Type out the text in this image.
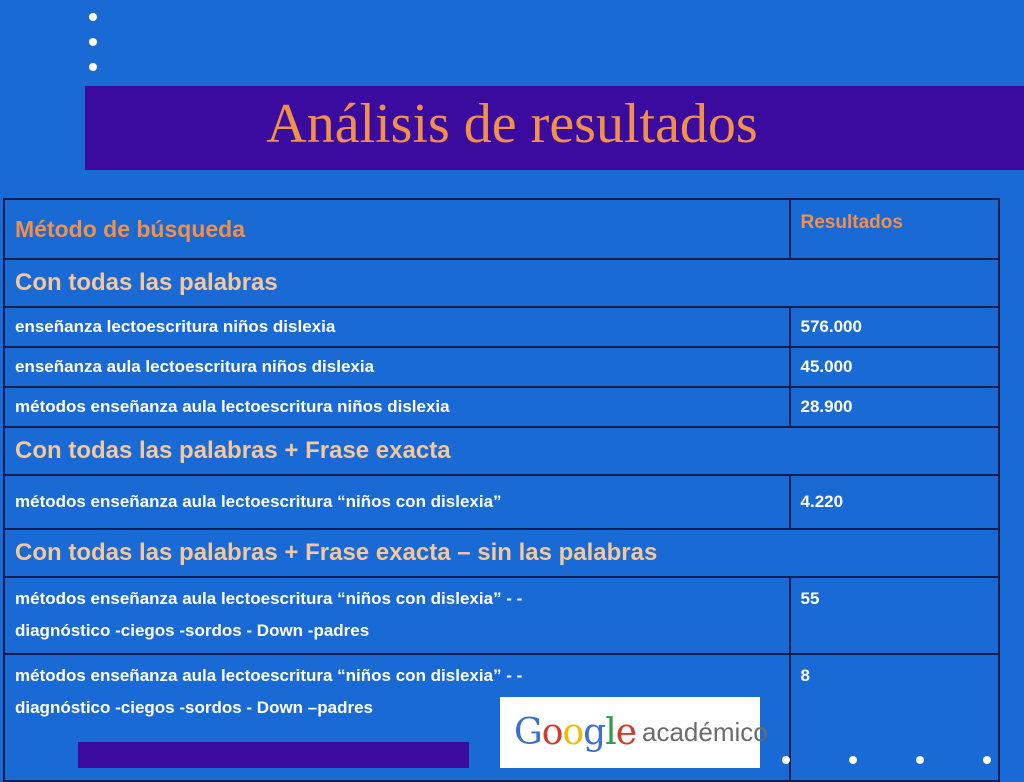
Análisis de resultados
Método de búsqueda	Resultados
Con todas las palabras	
enseñanza lectoescritura niños dislexia	576.000
enseñanza aula lectoescritura niños dislexia	45.000
métodos enseñanza aula lectoescritura niños dislexia	28.900
Con todas las palabras + Frase exacta	
métodos enseñanza aula lectoescritura “niños con dislexia”	4.220
Con todas las palabras + Frase exacta – sin las palabras	

métodos enseñanza aula lectoescritura “niños con dislexia” - -
diagnóstico -ciegos -sordos - Down -padres	55

métodos enseñanza aula lectoescritura “niños con dislexia” - -
diagnóstico -ciegos -sordos - Down –padres	8
Google académico
